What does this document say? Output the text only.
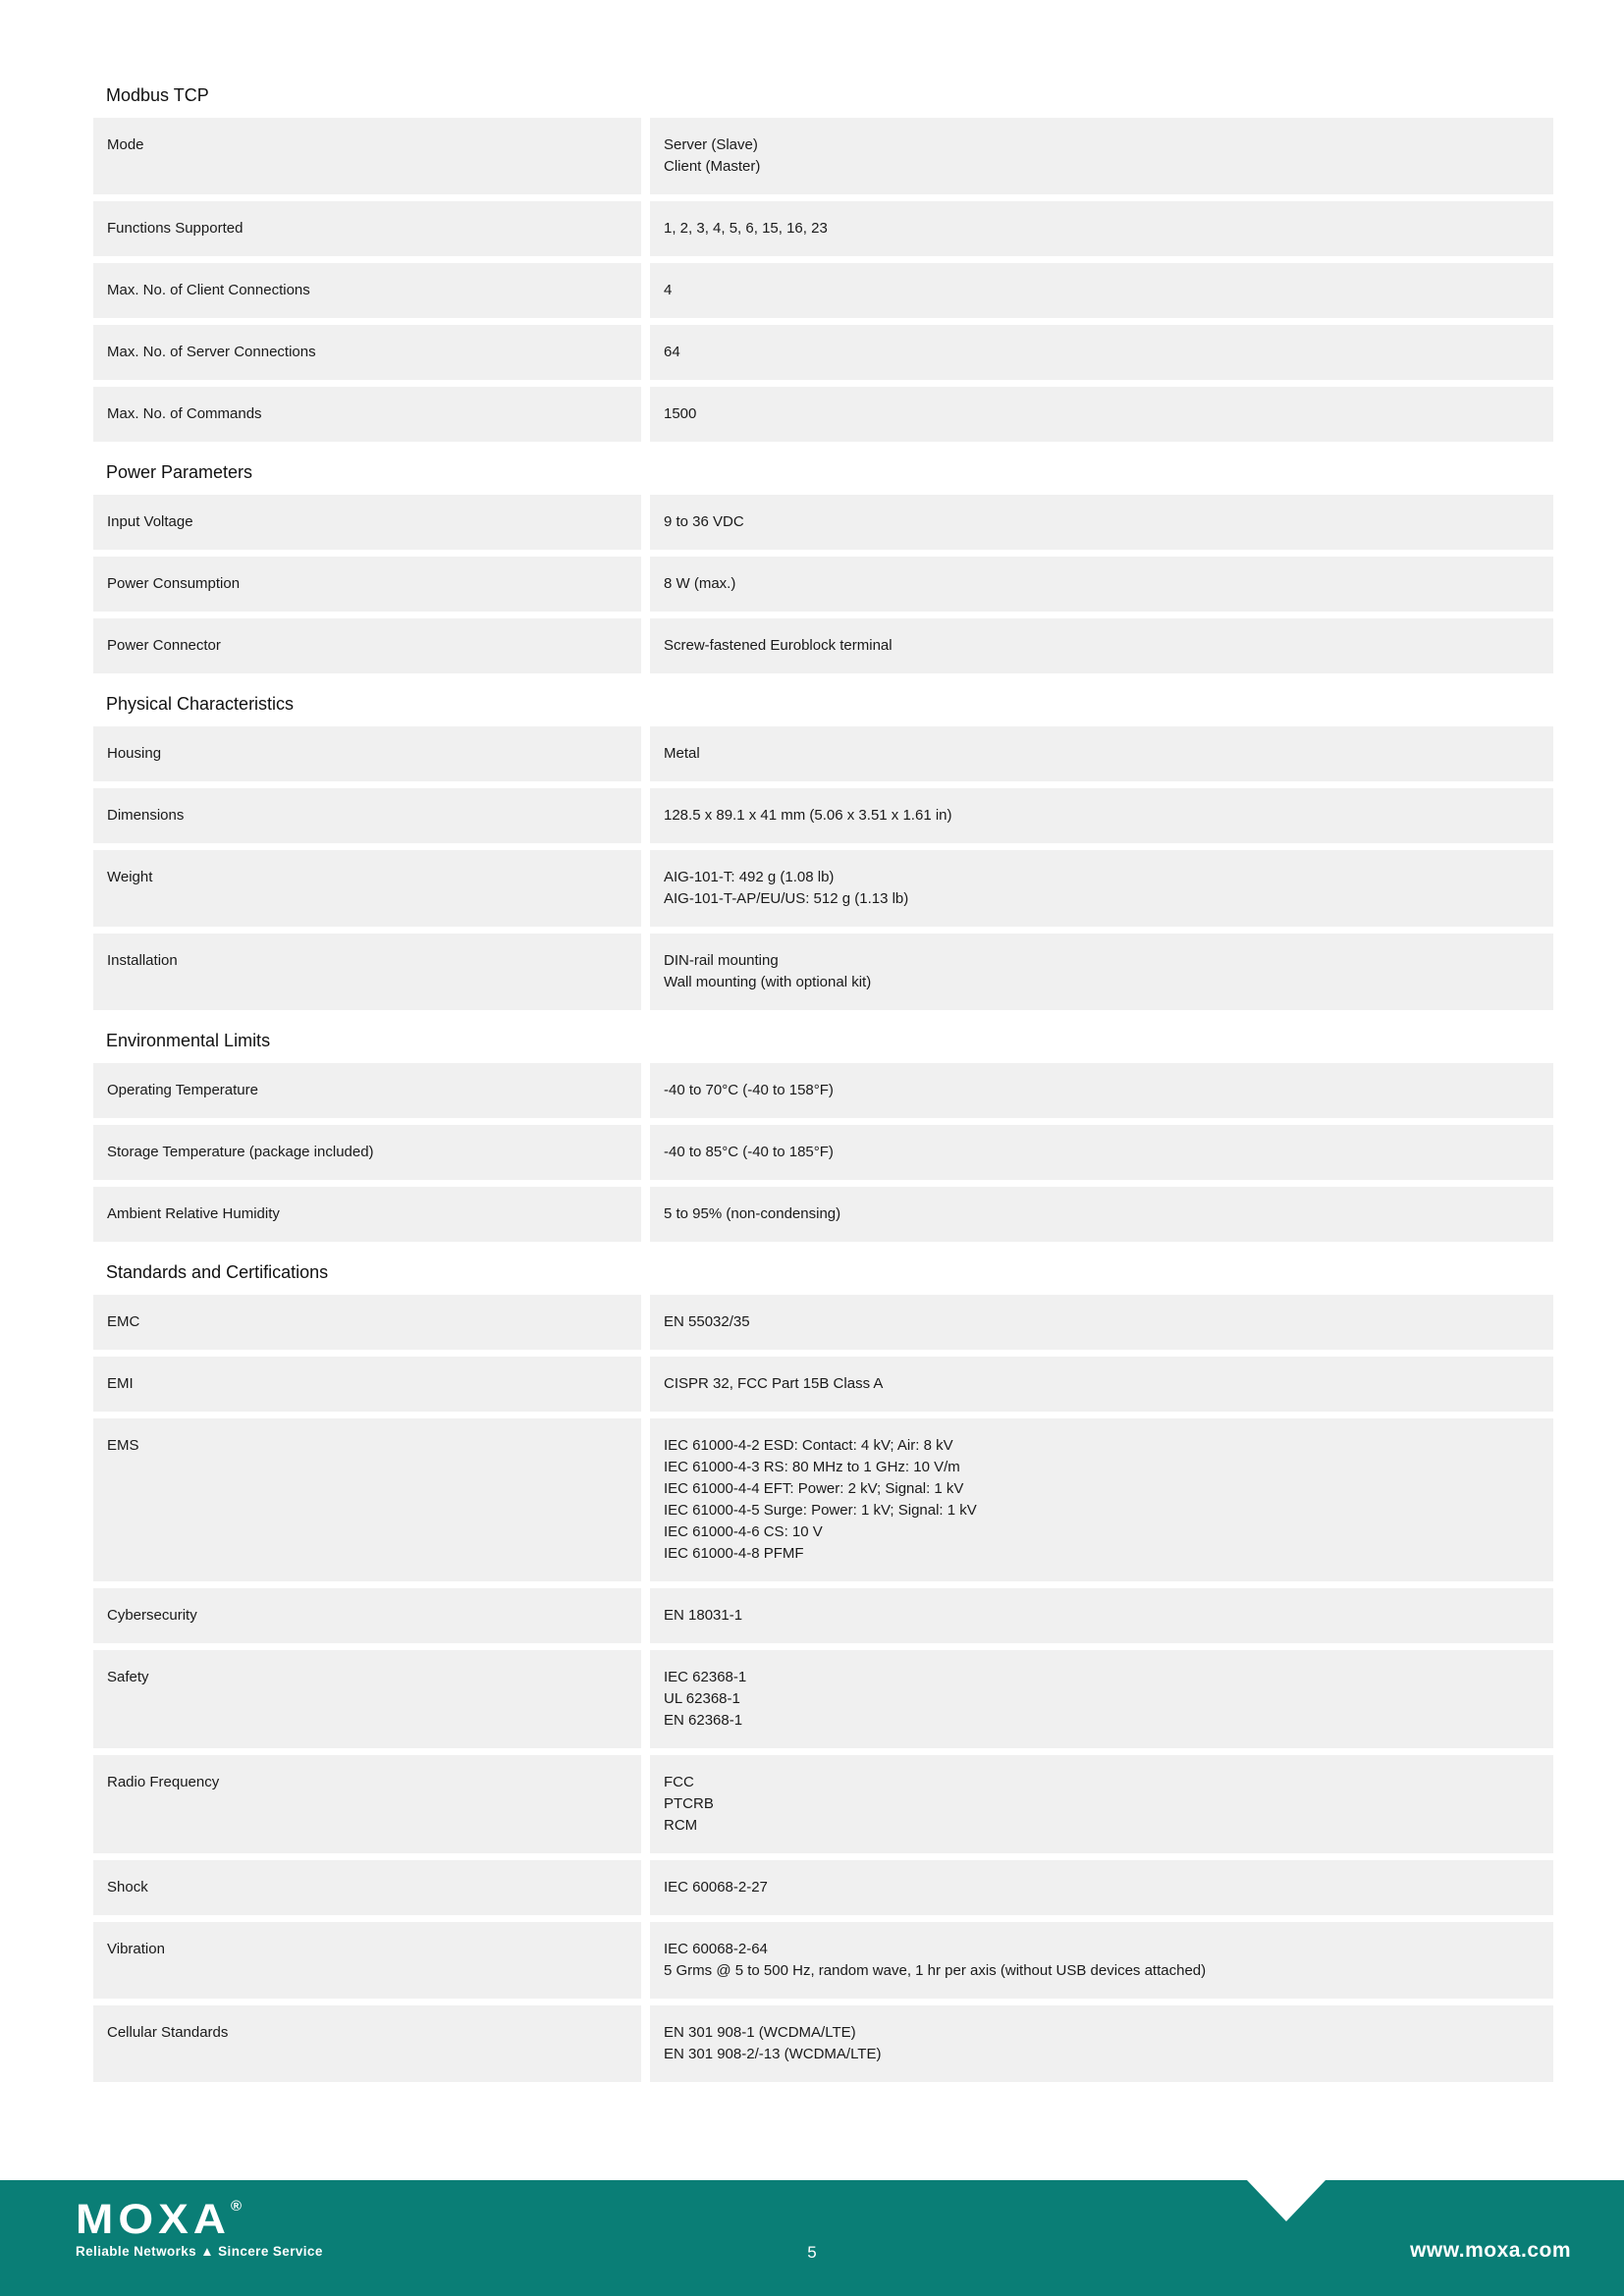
Modbus TCP
Mode	Server (Slave)
Client (Master)
Functions Supported	1, 2, 3, 4, 5, 6, 15, 16, 23
Max. No. of Client Connections	4
Max. No. of Server Connections	64
Max. No. of Commands	1500
Power Parameters
Input Voltage	9 to 36 VDC
Power Consumption	8 W (max.)
Power Connector	Screw-fastened Euroblock terminal
Physical Characteristics
Housing	Metal
Dimensions	128.5 x 89.1 x 41 mm (5.06 x 3.51 x 1.61 in)
Weight	AIG-101-T: 492 g (1.08 lb)
AIG-101-T-AP/EU/US: 512 g (1.13 lb)
Installation	DIN-rail mounting
Wall mounting (with optional kit)
Environmental Limits
Operating Temperature	-40 to 70°C (-40 to 158°F)
Storage Temperature (package included)	-40 to 85°C (-40 to 185°F)
Ambient Relative Humidity	5 to 95% (non-condensing)
Standards and Certifications
EMC	EN 55032/35
EMI	CISPR 32, FCC Part 15B Class A
EMS	IEC 61000-4-2 ESD: Contact: 4 kV; Air: 8 kV
IEC 61000-4-3 RS: 80 MHz to 1 GHz: 10 V/m
IEC 61000-4-4 EFT: Power: 2 kV; Signal: 1 kV
IEC 61000-4-5 Surge: Power: 1 kV; Signal: 1 kV
IEC 61000-4-6 CS: 10 V
IEC 61000-4-8 PFMF
Cybersecurity	EN 18031-1
Safety	IEC 62368-1
UL 62368-1
EN 62368-1
Radio Frequency	FCC
PTCRB
RCM
Shock	IEC 60068-2-27
Vibration	IEC 60068-2-64
5 Grms @ 5 to 500 Hz, random wave, 1 hr per axis (without USB devices attached)
Cellular Standards	EN 301 908-1 (WCDMA/LTE)
EN 301 908-2/-13 (WCDMA/LTE)
MOXA®
Reliable Networks ▲ Sincere Service	5	www.moxa.com
